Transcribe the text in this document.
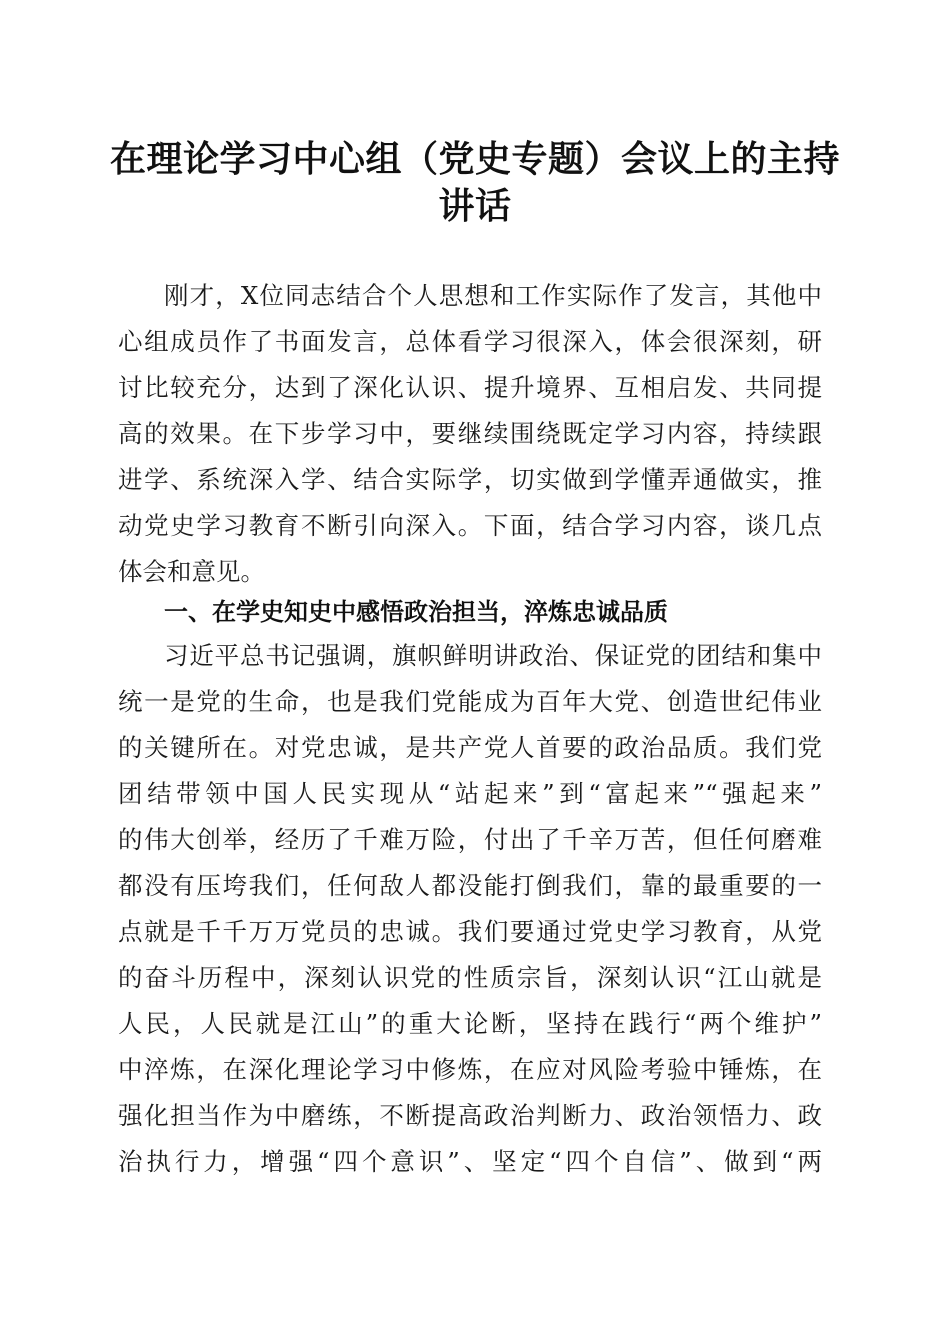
在理论学习中心组（党史专题）会议上的主持
讲话

刚才，X位同志结合个人思想和工作实际作了发言，其他中

心组成员作了书面发言，总体看学习很深入，体会很深刻，研

讨比较充分，达到了深化认识、提升境界、互相启发、共同提

高的效果。在下步学习中，要继续围绕既定学习内容，持续跟

进学、系统深入学、结合实际学，切实做到学懂弄通做实，推

动党史学习教育不断引向深入。下面，结合学习内容，谈几点

体会和意见。

一、在学史知史中感悟政治担当，淬炼忠诚品质

习近平总书记强调，旗帜鲜明讲政治、保证党的团结和集中

统一是党的生命，也是我们党能成为百年大党、创造世纪伟业

的关键所在。对党忠诚，是共产党人首要的政治品质。我们党

团结带领中国人民实现从“站起来”到“富起来”“强起来”

的伟大创举，经历了千难万险，付出了千辛万苦，但任何磨难

都没有压垮我们，任何敌人都没能打倒我们，靠的最重要的一

点就是千千万万党员的忠诚。我们要通过党史学习教育，从党

的奋斗历程中，深刻认识党的性质宗旨，深刻认识“江山就是

人民，人民就是江山”的重大论断，坚持在践行“两个维护”

中淬炼，在深化理论学习中修炼，在应对风险考验中锤炼，在

强化担当作为中磨练，不断提高政治判断力、政治领悟力、政

治执行力，增强“四个意识”、坚定“四个自信”、做到“两
